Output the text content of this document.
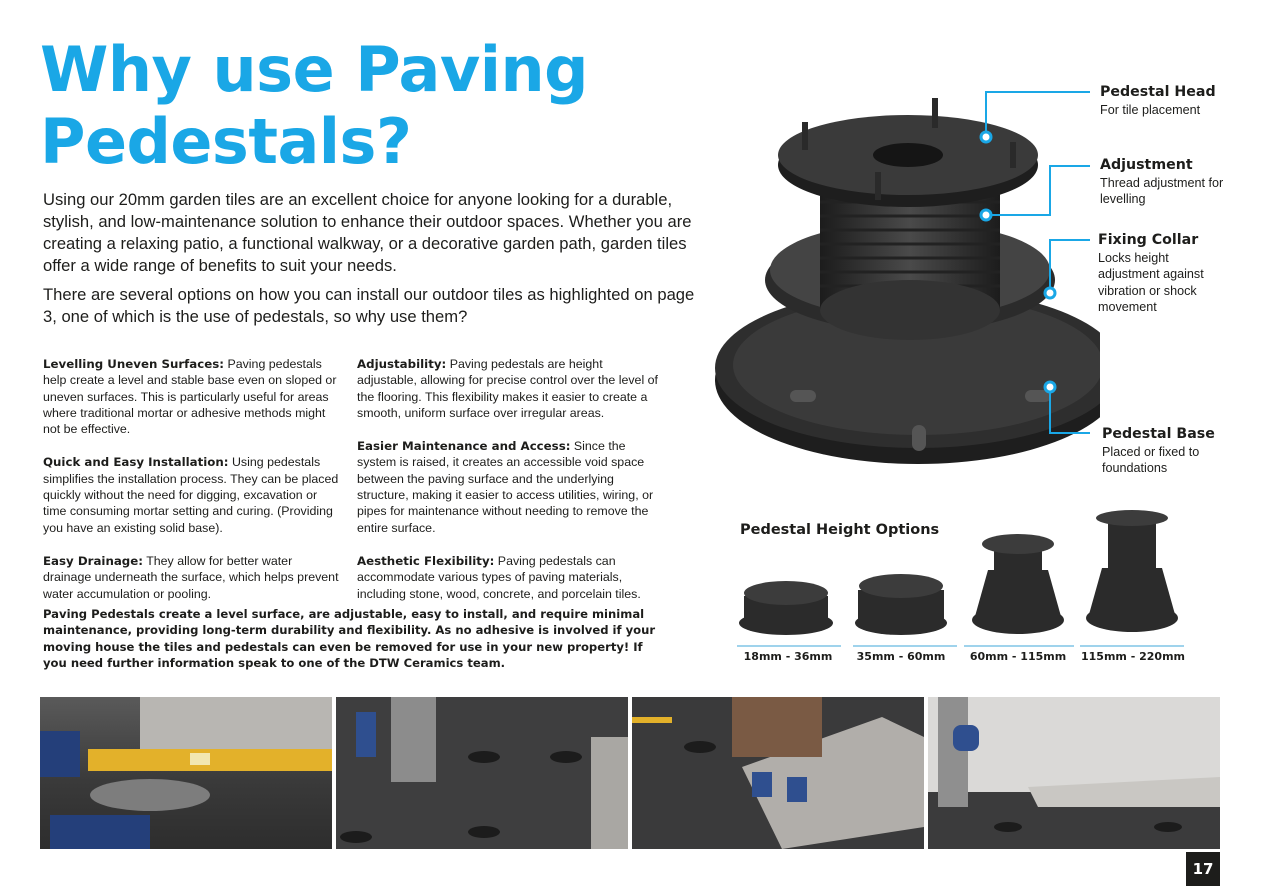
Why use Paving
Pedestals?

Using our 20mm garden tiles are an excellent choice for anyone looking for a durable, stylish, and low-maintenance solution to enhance their outdoor spaces. Whether you are creating a relaxing patio, a functional walkway, or a decorative garden path, garden tiles offer a wide range of benefits to suit your needs.

There are several options on how you can install our outdoor tiles as highlighted on page 3, one of which is the use of pedestals, so why use them?

Levelling Uneven Surfaces: Paving pedestals help create a level and stable base even on sloped or uneven surfaces. This is particularly useful for areas where traditional mortar or adhesive methods might not be effective.

Quick and Easy Installation: Using pedestals simplifies the installation process. They can be placed quickly without the need for digging, excavation or time consuming mortar setting and curing. (Providing you have an existing solid base).

Easy Drainage: They allow for better water drainage underneath the surface, which helps prevent water accumulation or pooling.

Adjustability: Paving pedestals are height adjustable, allowing for precise control over the level of the flooring. This flexibility makes it easier to create a smooth, uniform surface over irregular areas.

Easier Maintenance and Access: Since the system is raised, it creates an accessible void space between the paving surface and the underlying structure, making it easier to access utilities, wiring, or pipes for maintenance without needing to remove the entire surface.

Aesthetic Flexibility: Paving pedestals can accommodate various types of paving materials, including stone, wood, concrete, and porcelain tiles.

Paving Pedestals create a level surface, are adjustable, easy to install, and require minimal maintenance, providing long-term durability and flexibility. As no adhesive is involved if your moving house the tiles and pedestals can even be removed for use in your new property! If you need further information speak to one of the DTW Ceramics team.

Pedestal Head
For tile placement
Adjustment
Thread adjustment for levelling
Fixing Collar
Locks height adjustment against vibration or shock movement
Pedestal Base
Placed or fixed to foundations
Pedestal Height Options
18mm - 36mm	35mm - 60mm	60mm - 115mm	115mm - 220mm
17
